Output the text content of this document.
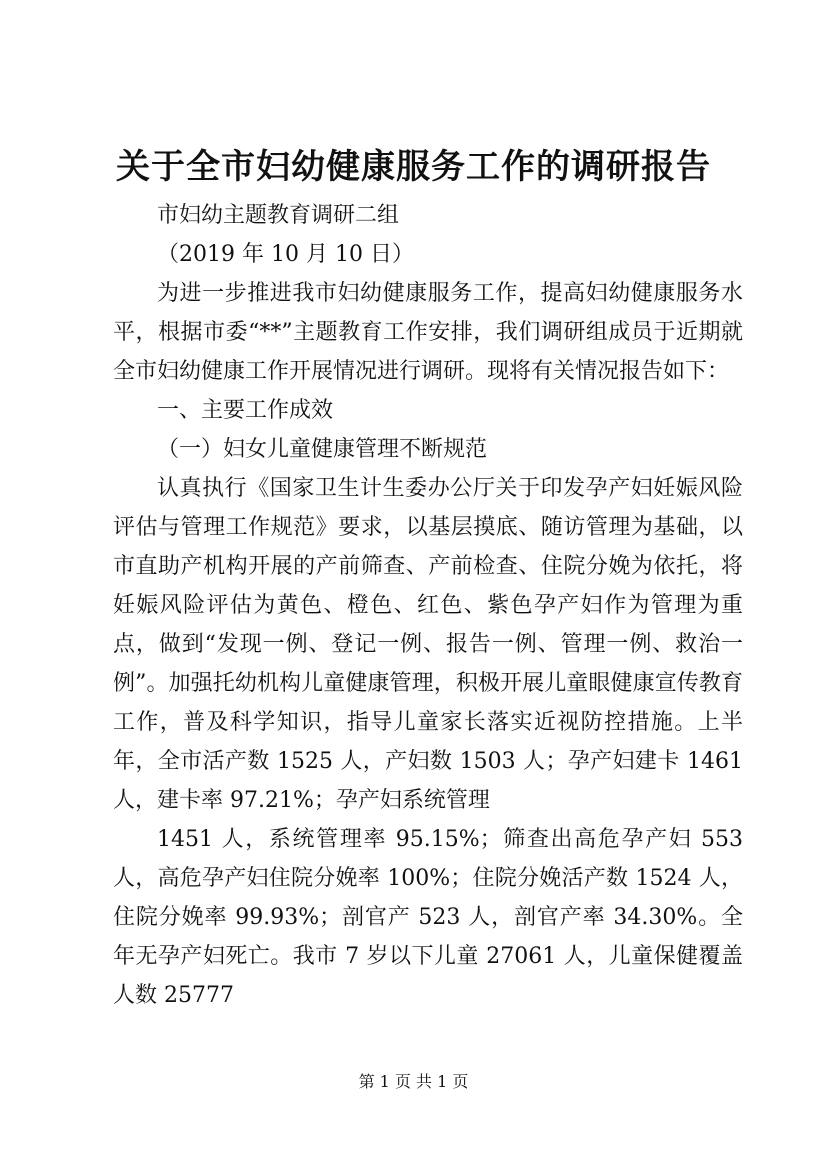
关于全市妇幼健康服务工作的调研报告

市妇幼主题教育调研二组

（2019 年 10 月 10 日）

为进一步推进我市妇幼健康服务工作，提高妇幼健康服务水平，根据市委“**”主题教育工作安排，我们调研组成员于近期就全市妇幼健康工作开展情况进行调研。现将有关情况报告如下：

一、主要工作成效

（一）妇女儿童健康管理不断规范

认真执行《国家卫生计生委办公厅关于印发孕产妇妊娠风险评估与管理工作规范》要求，以基层摸底、随访管理为基础，以市直助产机构开展的产前筛查、产前检查、住院分娩为依托，将妊娠风险评估为黄色、橙色、红色、紫色孕产妇作为管理为重点，做到“发现一例、登记一例、报告一例、管理一例、救治一例”。加强托幼机构儿童健康管理，积极开展儿童眼健康宣传教育工作，普及科学知识，指导儿童家长落实近视防控措施。上半年，全市活产数 1525 人，产妇数 1503 人；孕产妇建卡 1461 人，建卡率 97.21%；孕产妇系统管理

1451 人，系统管理率 95.15%；筛查出高危孕产妇 553 人，高危孕产妇住院分娩率 100%；住院分娩活产数 1524 人，住院分娩率 99.93%；剖官产 523 人，剖官产率 34.30%。全年无孕产妇死亡。我市 7 岁以下儿童 27061 人，儿童保健覆盖人数 25777

第 1 页 共 1 页
